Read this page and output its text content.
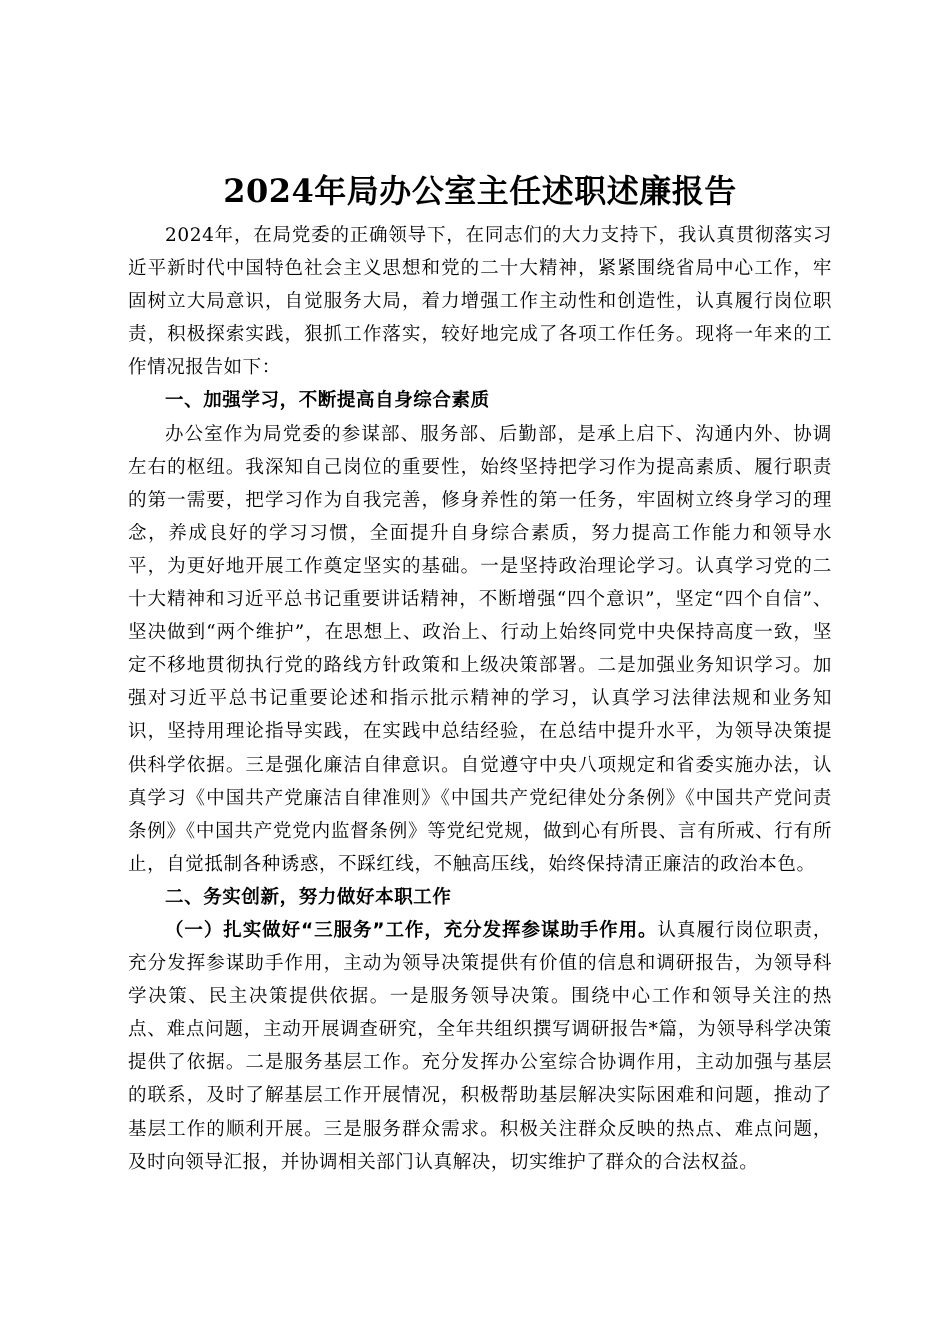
2024年局办公室主任述职述廉报告

2024年，在局党委的正确领导下，在同志们的大力支持下，我认真贯彻落实习近平新时代中国特色社会主义思想和党的二十大精神，紧紧围绕省局中心工作，牢固树立大局意识，自觉服务大局，着力增强工作主动性和创造性，认真履行岗位职责，积极探索实践，狠抓工作落实，较好地完成了各项工作任务。现将一年来的工作情况报告如下：

一、加强学习，不断提高自身综合素质

办公室作为局党委的参谋部、服务部、后勤部，是承上启下、沟通内外、协调左右的枢纽。我深知自己岗位的重要性，始终坚持把学习作为提高素质、履行职责的第一需要，把学习作为自我完善，修身养性的第一任务，牢固树立终身学习的理念，养成良好的学习习惯，全面提升自身综合素质，努力提高工作能力和领导水平，为更好地开展工作奠定坚实的基础。一是坚持政治理论学习。认真学习党的二十大精神和习近平总书记重要讲话精神，不断增强“四个意识”，坚定“四个自信”、坚决做到“两个维护”，在思想上、政治上、行动上始终同党中央保持高度一致，坚定不移地贯彻执行党的路线方针政策和上级决策部署。二是加强业务知识学习。加强对习近平总书记重要论述和指示批示精神的学习，认真学习法律法规和业务知识，坚持用理论指导实践，在实践中总结经验，在总结中提升水平，为领导决策提供科学依据。三是强化廉洁自律意识。自觉遵守中央八项规定和省委实施办法，认真学习《中国共产党廉洁自律准则》《中国共产党纪律处分条例》《中国共产党问责条例》《中国共产党党内监督条例》等党纪党规，做到心有所畏、言有所戒、行有所止，自觉抵制各种诱惑，不踩红线，不触高压线，始终保持清正廉洁的政治本色。

二、务实创新，努力做好本职工作

（一）扎实做好“三服务”工作，充分发挥参谋助手作用。认真履行岗位职责，充分发挥参谋助手作用，主动为领导决策提供有价值的信息和调研报告，为领导科学决策、民主决策提供依据。一是服务领导决策。围绕中心工作和领导关注的热点、难点问题，主动开展调查研究，全年共组织撰写调研报告*篇，为领导科学决策提供了依据。二是服务基层工作。充分发挥办公室综合协调作用，主动加强与基层的联系，及时了解基层工作开展情况，积极帮助基层解决实际困难和问题，推动了基层工作的顺利开展。三是服务群众需求。积极关注群众反映的热点、难点问题，及时向领导汇报，并协调相关部门认真解决，切实维护了群众的合法权益。
